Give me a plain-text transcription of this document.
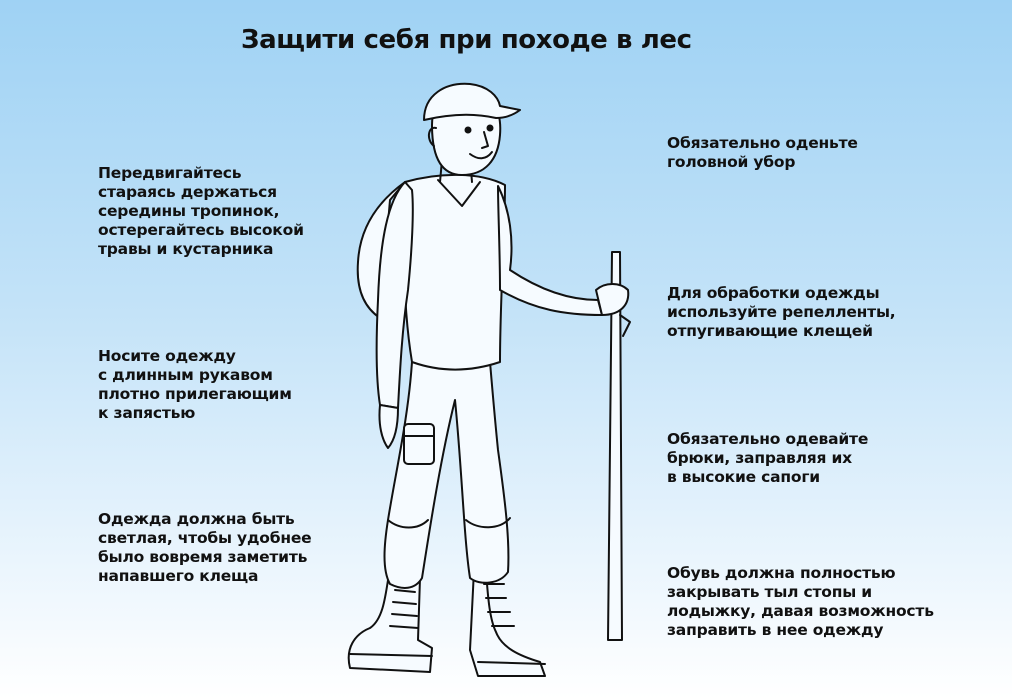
Защити себя при походе в лес
Передвигайтесь
стараясь держаться
середины тропинок,
остерегайтесь высокой
травы и кустарника
Носите одежду
с длинным рукавом
плотно прилегающим
к запястью
Одежда должна быть
светлая, чтобы удобнее
было вовремя заметить
напавшего клеща
Обязательно оденьте
головной убор
Для обработки одежды
используйте репелленты,
отпугивающие клещей
Обязательно одевайте
брюки, заправляя их
в высокие сапоги
Обувь должна полностью
закрывать тыл стопы и
лодыжку, давая возможность
заправить в нее одежду
